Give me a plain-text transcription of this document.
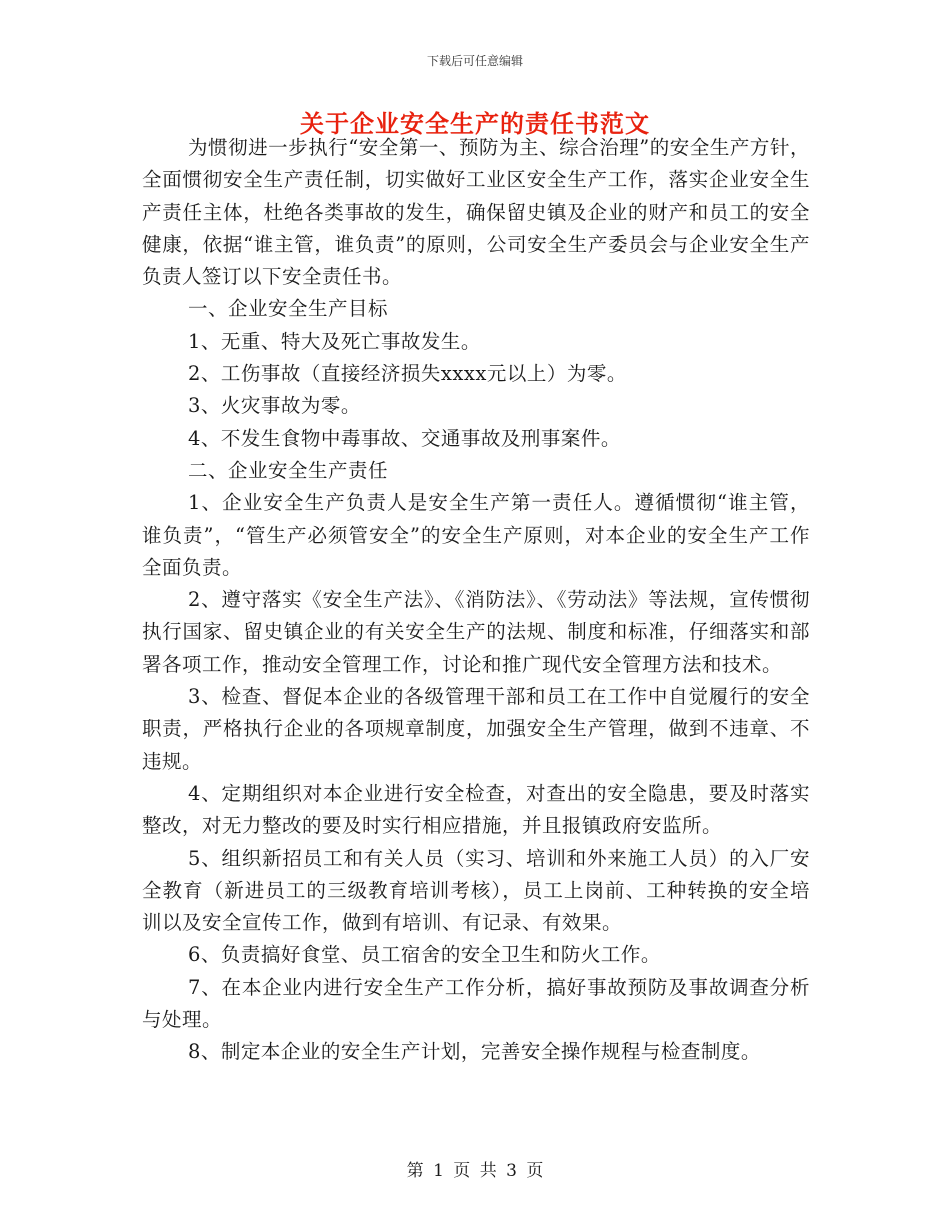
下载后可任意编辑
关于企业安全生产的责任书范文

为惯彻进一步执行“安全第一、预防为主、综合治理”的安全生产方针，全面惯彻安全生产责任制，切实做好工业区安全生产工作，落实企业安全生产责任主体，杜绝各类事故的发生，确保留史镇及企业的财产和员工的安全健康，依据“谁主管，谁负责”的原则，公司安全生产委员会与企业安全生产负责人签订以下安全责任书。

一、企业安全生产目标

1、无重、特大及死亡事故发生。

2、工伤事故（直接经济损失xxxx元以上）为零。

3、火灾事故为零。

4、不发生食物中毒事故、交通事故及刑事案件。

二、企业安全生产责任

1、企业安全生产负责人是安全生产第一责任人。遵循惯彻“谁主管，谁负责”，“管生产必须管安全”的安全生产原则，对本企业的安全生产工作全面负责。

2、遵守落实《安全生产法》、《消防法》、《劳动法》等法规，宣传惯彻执行国家、留史镇企业的有关安全生产的法规、制度和标准，仔细落实和部署各项工作，推动安全管理工作，讨论和推广现代安全管理方法和技术。

3、检查、督促本企业的各级管理干部和员工在工作中自觉履行的安全职责，严格执行企业的各项规章制度，加强安全生产管理，做到不违章、不违规。

4、定期组织对本企业进行安全检查，对查出的安全隐患，要及时落实整改，对无力整改的要及时实行相应措施，并且报镇政府安监所。

5、组织新招员工和有关人员（实习、培训和外来施工人员）的入厂安全教育（新进员工的三级教育培训考核），员工上岗前、工种转换的安全培训以及安全宣传工作，做到有培训、有记录、有效果。

6、负责搞好食堂、员工宿舍的安全卫生和防火工作。

7、在本企业内进行安全生产工作分析，搞好事故预防及事故调查分析与处理。

8、制定本企业的安全生产计划，完善安全操作规程与检查制度。

第 1 页 共 3 页
